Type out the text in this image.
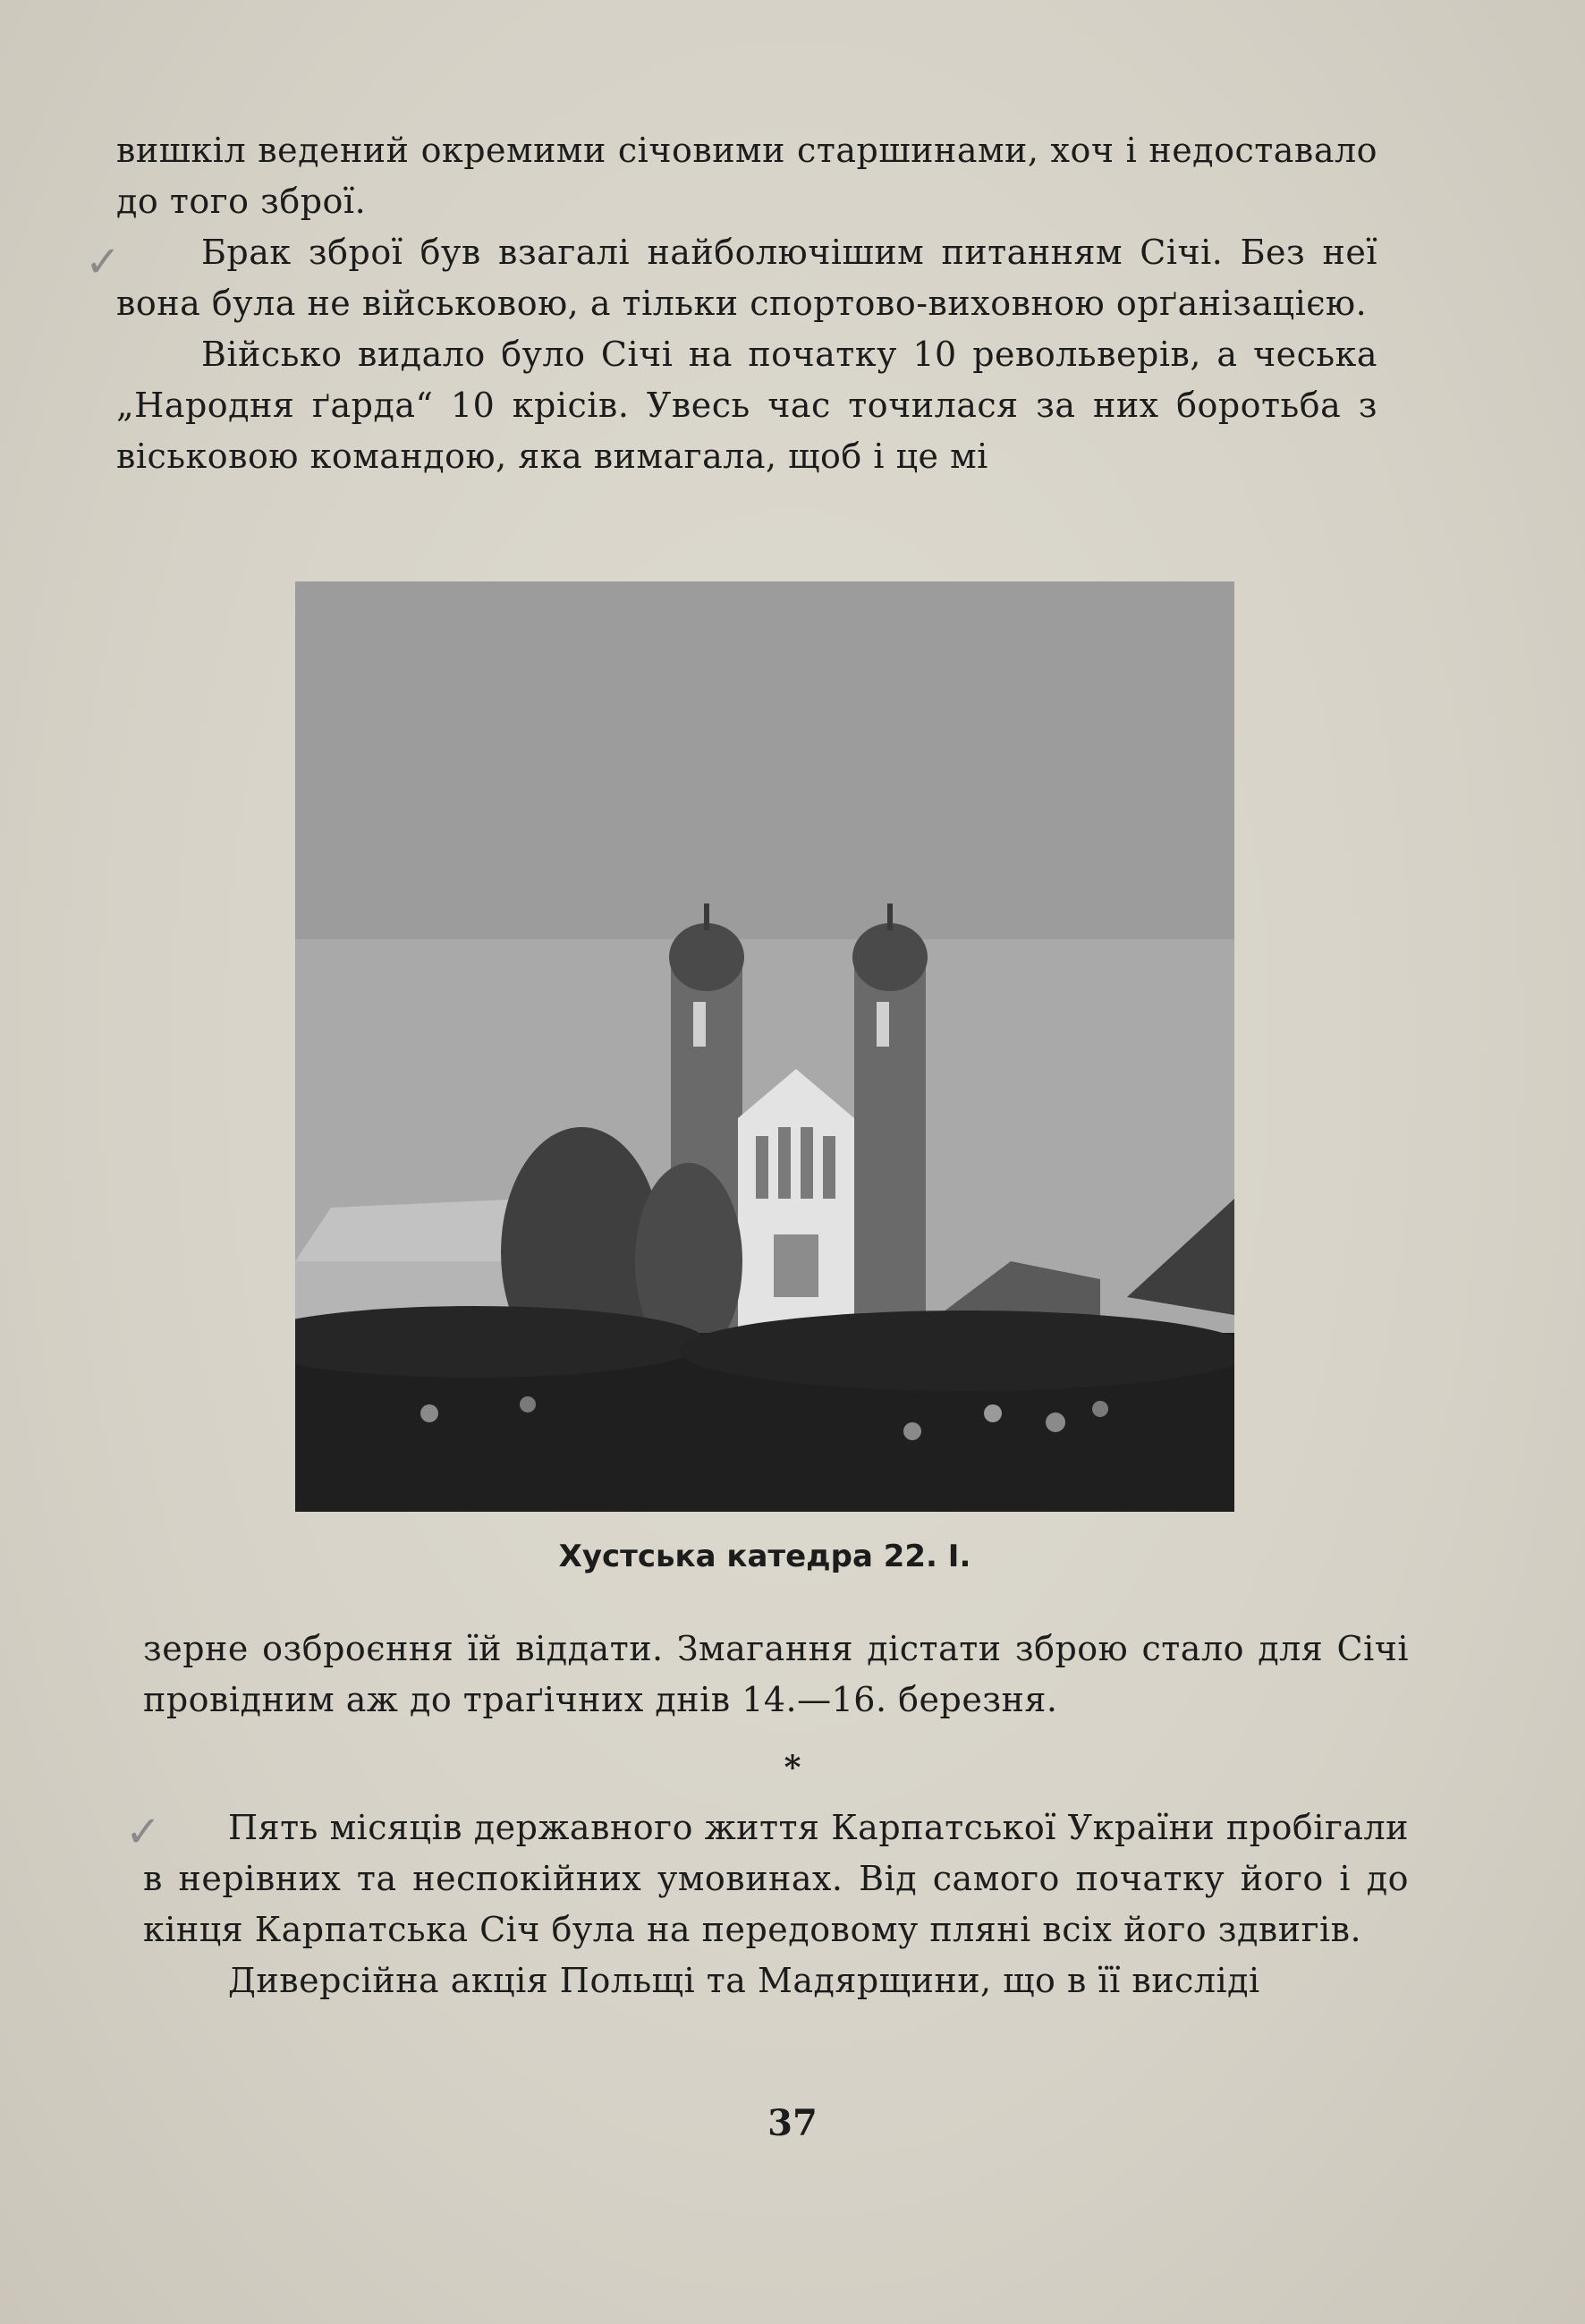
✓
✓

вишкіл ведений окремими січовими старшинами, хоч і недоставало до того зброї.

Брак зброї був взагалі найболючішим питанням Січі. Без неї вона була не військовою, а тільки спортово-виховною орґанізацією.

Військо видало було Січі на початку 10 револьверів, а чеська „Народня ґарда“ 10 крісів. Увесь час точилася за них боротьба з віськовою командою, яка вимагала, щоб і це мі

Хустська катедра 22. І.

зерне озброєння їй віддати. Змагання дістати зброю стало для Січі провідним аж до траґічних днів 14.—16. березня.

*

Пять місяців державного життя Карпатської України пробігали в нерівних та неспокійних умовинах. Від самого початку його і до кінця Карпатська Січ була на передовому пляні всіх його здвигів.

Диверсійна акція Польщі та Мадярщини, що в її висліді

37
